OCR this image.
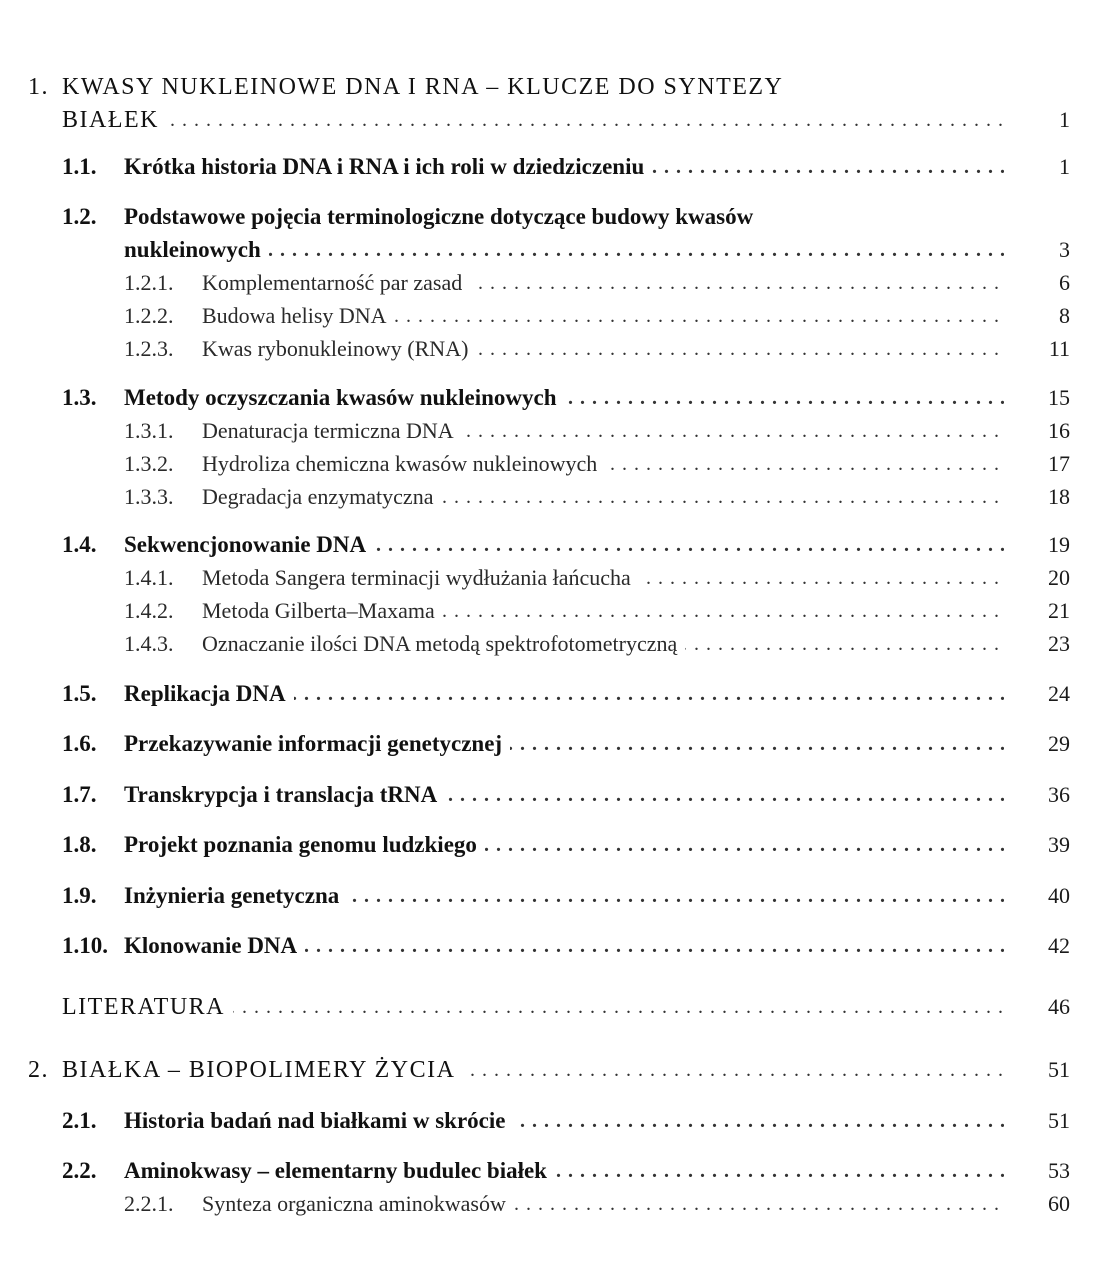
1. KWASY NUKLEINOWE DNA I RNA – KLUCZE DO SYNTEZY
BIAŁEK . . .	1
1.1. Krótka historia DNA i RNA i ich roli w dziedziczeniu . . .	1
1.2. Podstawowe pojęcia terminologiczne dotyczące budowy kwasów
nukleinowych . . .	3
1.2.1. Komplementarność par zasad . . .	6
1.2.2. Budowa helisy DNA . . .	8
1.2.3. Kwas rybonukleinowy (RNA) . . .	11
1.3. Metody oczyszczania kwasów nukleinowych . . .	15
1.3.1. Denaturacja termiczna DNA . . .	16
1.3.2. Hydroliza chemiczna kwasów nukleinowych . . .	17
1.3.3. Degradacja enzymatyczna . . .	18
1.4. Sekwencjonowanie DNA . . .	19
1.4.1. Metoda Sangera terminacji wydłużania łańcucha . . .	20
1.4.2. Metoda Gilberta–Maxama . . .	21
1.4.3. Oznaczanie ilości DNA metodą spektrofotometryczną . . .	23
1.5. Replikacja DNA . . .	24
1.6. Przekazywanie informacji genetycznej . . .	29
1.7. Transkrypcja i translacja tRNA . . .	36
1.8. Projekt poznania genomu ludzkiego . . .	39
1.9. Inżynieria genetyczna . . .	40
1.10. Klonowanie DNA . . .	42
LITERATURA . . .	46
2. BIAŁKA – BIOPOLIMERY ŻYCIA . . .	51
2.1. Historia badań nad białkami w skrócie . . .	51
2.2. Aminokwasy – elementarny budulec białek . . .	53
2.2.1. Synteza organiczna aminokwasów . . .	60
